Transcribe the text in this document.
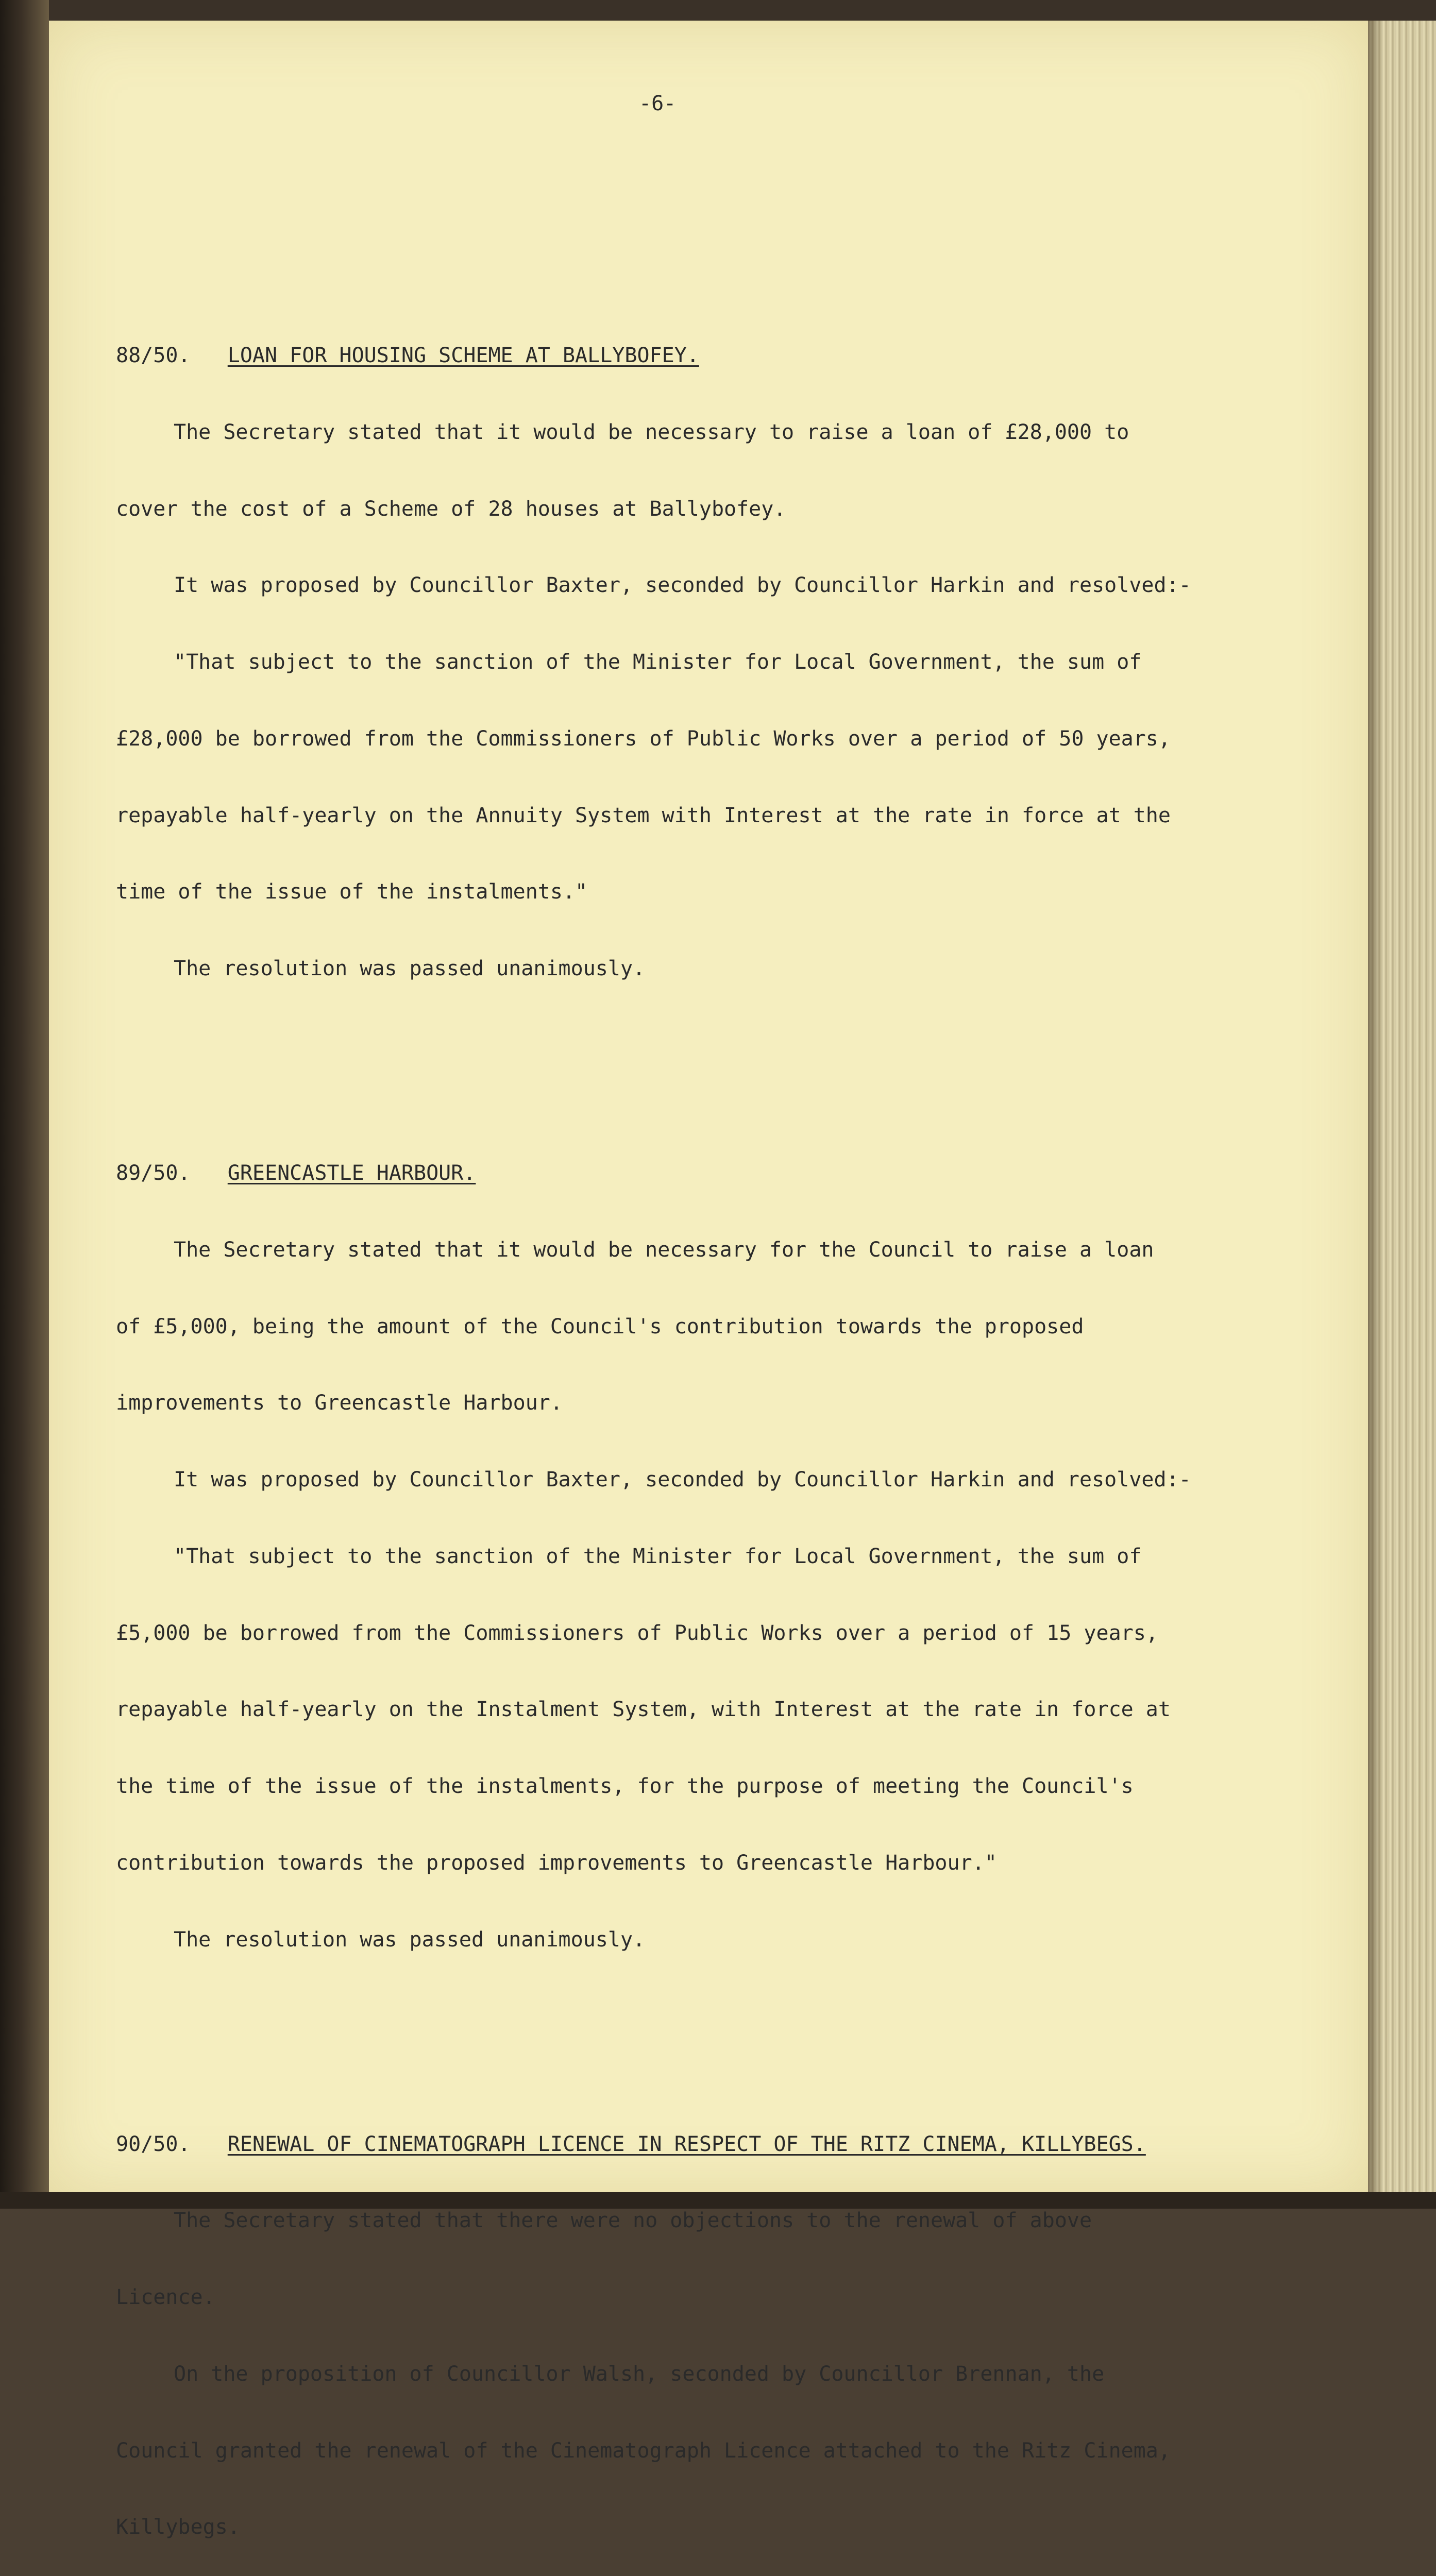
-6-

88/50. LOAN FOR HOUSING SCHEME AT BALLYBOFEY.

The Secretary stated that it would be necessary to raise a loan of £28,000 to

cover the cost of a Scheme of 28 houses at Ballybofey.

It was proposed by Councillor Baxter, seconded by Councillor Harkin and resolved:-

"That subject to the sanction of the Minister for Local Government, the sum of

£28,000 be borrowed from the Commissioners of Public Works over a period of 50 years,

repayable half-yearly on the Annuity System with Interest at the rate in force at the

time of the issue of the instalments."

The resolution was passed unanimously.

89/50. GREENCASTLE HARBOUR.

The Secretary stated that it would be necessary for the Council to raise a loan

of £5,000, being the amount of the Council's contribution towards the proposed

improvements to Greencastle Harbour.

It was proposed by Councillor Baxter, seconded by Councillor Harkin and resolved:-

"That subject to the sanction of the Minister for Local Government, the sum of

£5,000 be borrowed from the Commissioners of Public Works over a period of 15 years,

repayable half-yearly on the Instalment System, with Interest at the rate in force at

the time of the issue of the instalments, for the purpose of meeting the Council's

contribution towards the proposed improvements to Greencastle Harbour."

The resolution was passed unanimously.

90/50. RENEWAL OF CINEMATOGRAPH LICENCE IN RESPECT OF THE RITZ CINEMA, KILLYBEGS.

The Secretary stated that there were no objections to the renewal of above

Licence.

On the proposition of Councillor Walsh, seconded by Councillor Brennan, the

Council granted the renewal of the Cinematograph Licence attached to the Ritz Cinema,

Killybegs.
